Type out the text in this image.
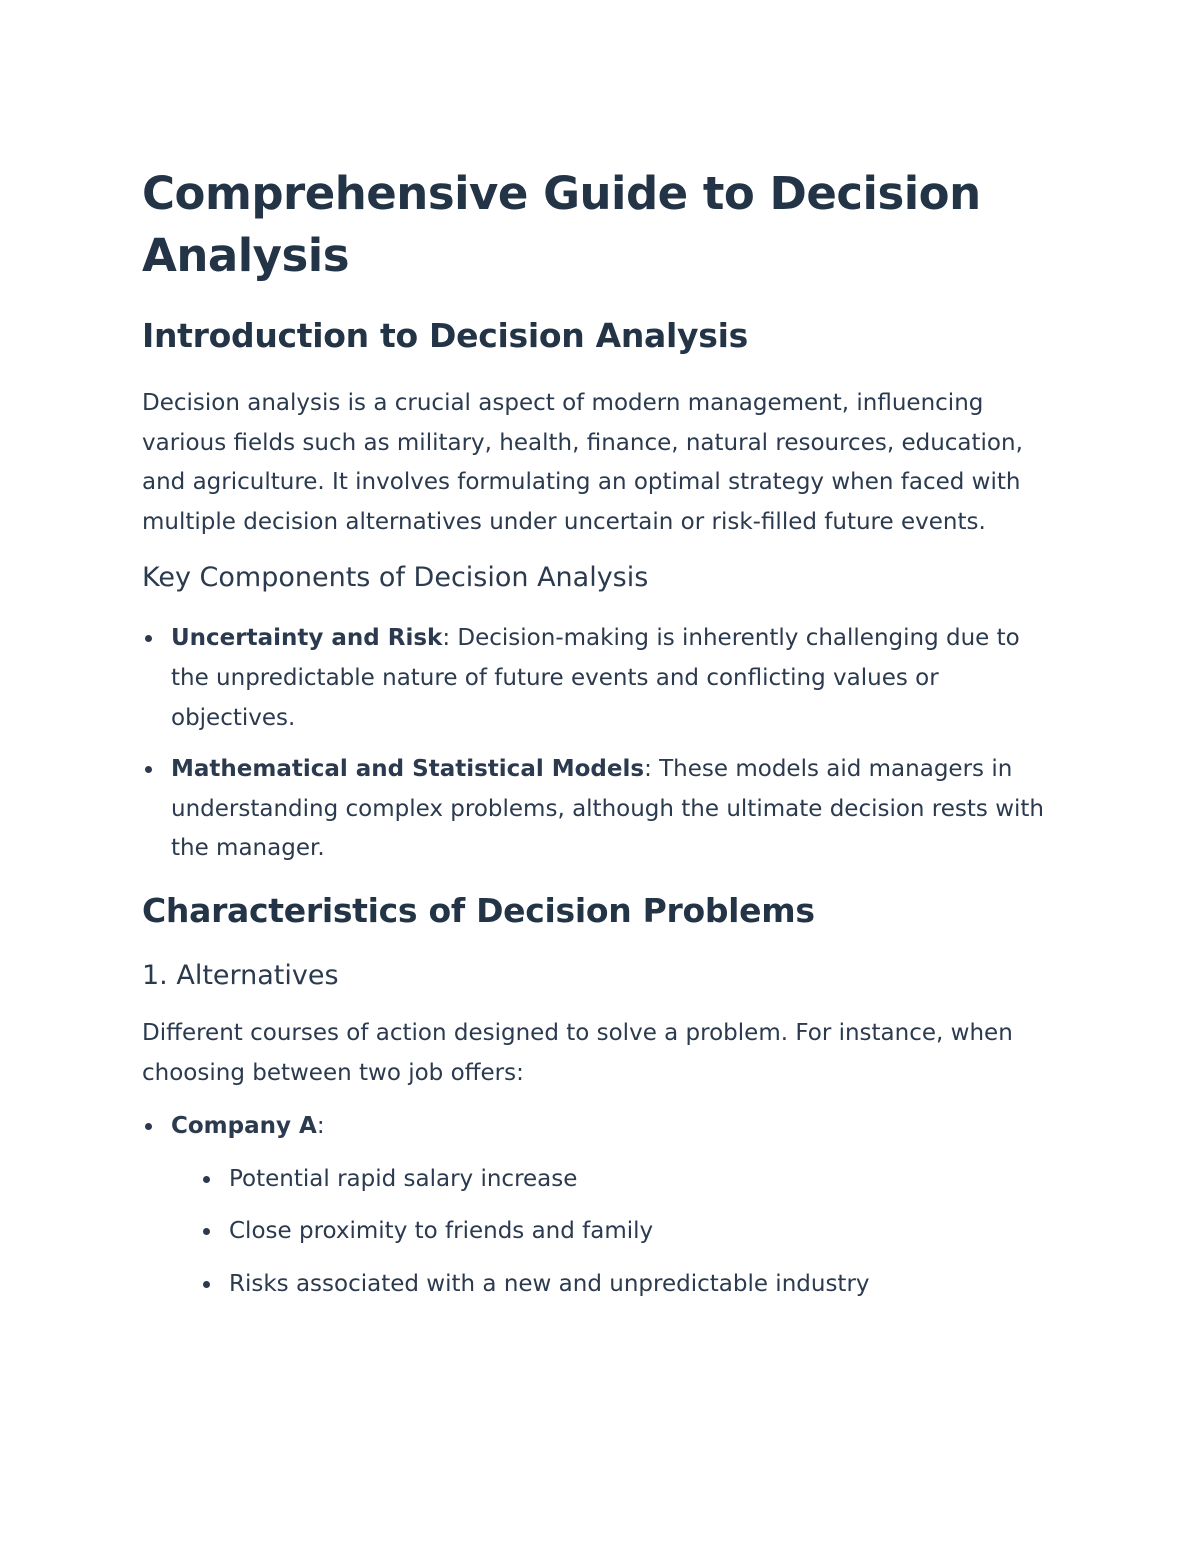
Comprehensive Guide to Decision Analysis
Introduction to Decision Analysis

Decision analysis is a crucial aspect of modern management, influencing various fields such as military, health, finance, natural resources, education, and agriculture. It involves formulating an optimal strategy when faced with multiple decision alternatives under uncertain or risk-filled future events.

Key Components of Decision Analysis
Uncertainty and Risk: Decision-making is inherently challenging due to the unpredictable nature of future events and conflicting values or objectives.
Mathematical and Statistical Models: These models aid managers in understanding complex problems, although the ultimate decision rests with the manager.
Characteristics of Decision Problems
1. Alternatives

Different courses of action designed to solve a problem. For instance, when choosing between two job offers:

Company A:
Potential rapid salary increase
Close proximity to friends and family
Risks associated with a new and unpredictable industry
